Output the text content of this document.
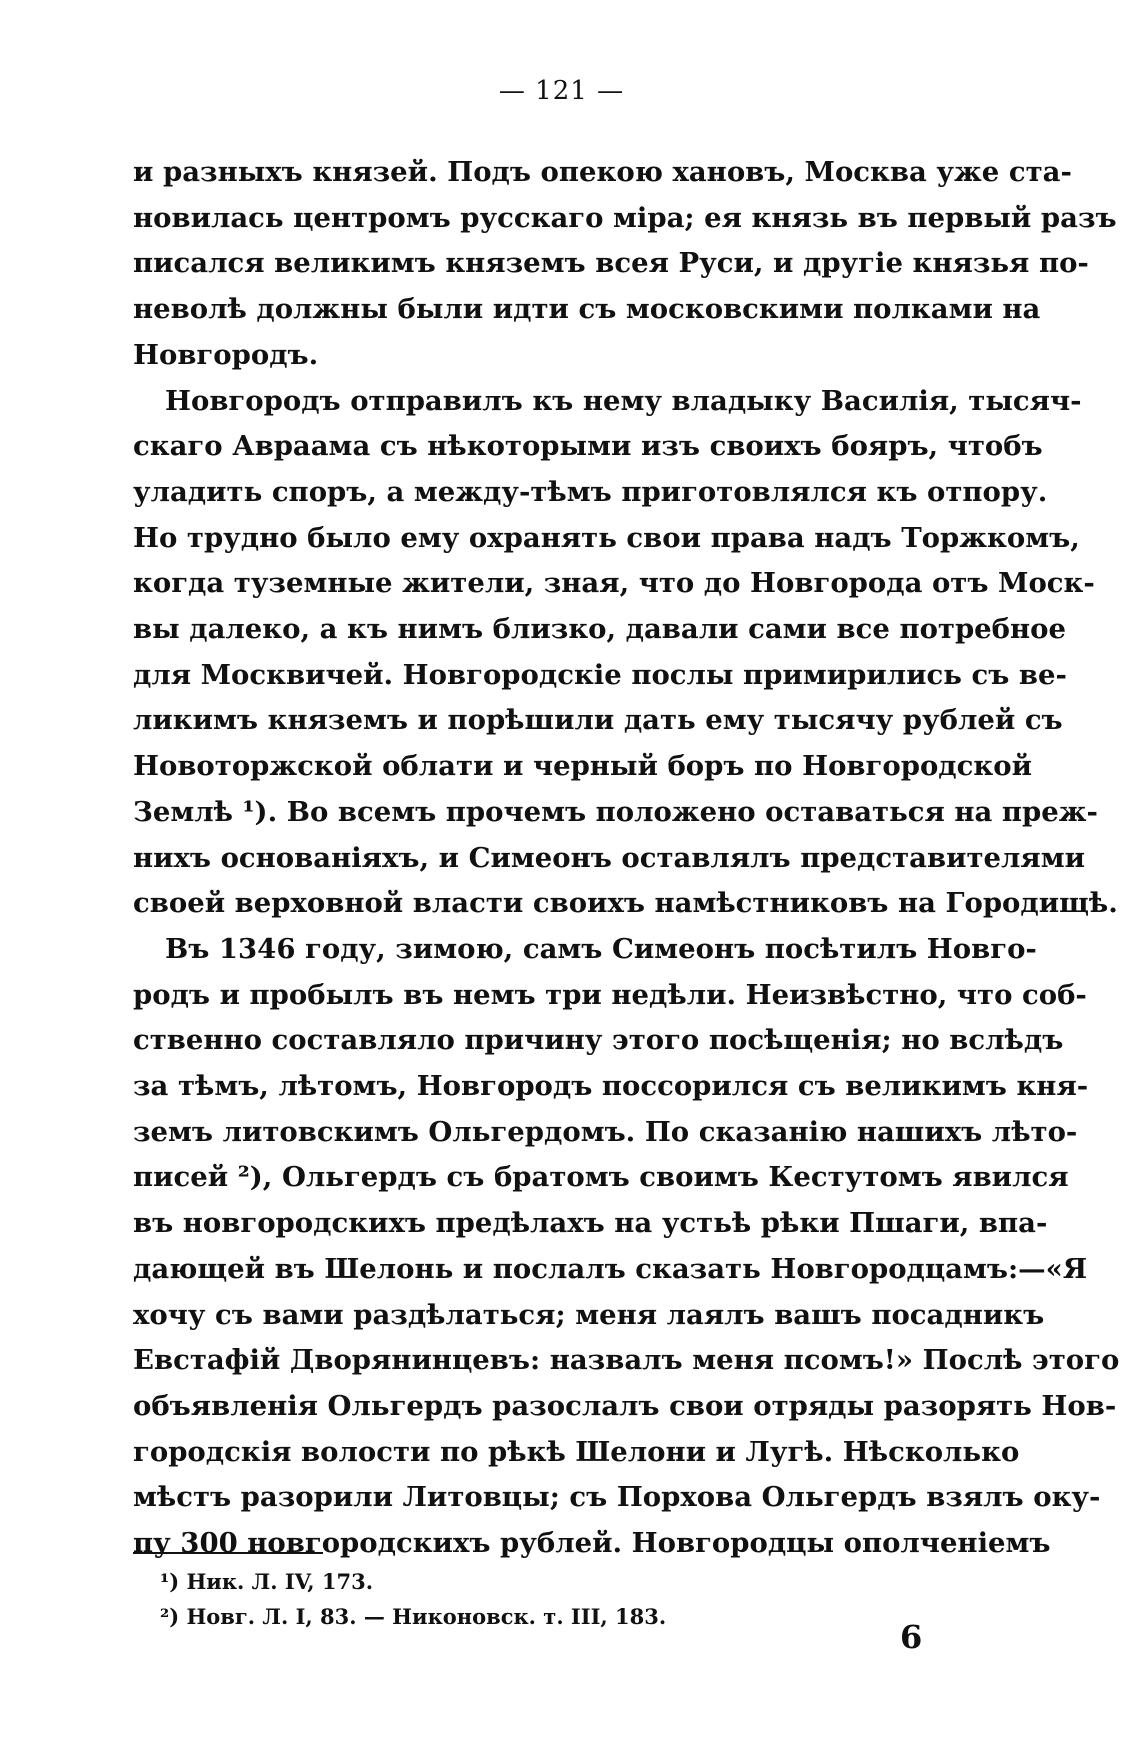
— 121 —
и разныхъ князей. Подъ опекою хановъ, Москва уже ста-
новилась центромъ русскаго міра; ея князь въ первый разъ
писался великимъ княземъ всея Руси, и другіе князья по-
неволѣ должны были идти съ московскими полками на
Новгородъ.
Новгородъ отправилъ къ нему владыку Василія, тысяч-
скаго Авраама съ нѣкоторыми изъ своихъ бояръ, чтобъ
уладить споръ, а между-тѣмъ приготовлялся къ отпору.
Но трудно было ему охранять свои права надъ Торжкомъ,
когда туземные жители, зная, что до Новгорода отъ Моск-
вы далеко, а къ нимъ близко, давали сами все потребное
для Москвичей. Новгородскіе послы примирились съ ве-
ликимъ княземъ и порѣшили дать ему тысячу рублей съ
Новоторжской облати и черный боръ по Новгородской
Землѣ ¹). Во всемъ прочемъ положено оставаться на преж-
нихъ основаніяхъ, и Симеонъ оставлялъ представителями
своей верховной власти своихъ намѣстниковъ на Городищѣ.
Въ 1346 году, зимою, самъ Симеонъ посѣтилъ Новго-
родъ и пробылъ въ немъ три недѣли. Неизвѣстно, что соб-
ственно составляло причину этого посѣщенія; но вслѣдъ
за тѣмъ, лѣтомъ, Новгородъ поссорился съ великимъ кня-
земъ литовскимъ Ольгердомъ. По сказанію нашихъ лѣто-
писей ²), Ольгердъ съ братомъ своимъ Кестутомъ явился
въ новгородскихъ предѣлахъ на устьѣ рѣки Пшаги, впа-
дающей въ Шелонь и послалъ сказать Новгородцамъ:—«Я
хочу съ вами раздѣлаться; меня лаялъ вашъ посадникъ
Евстафій Дворянинцевъ: назвалъ меня псомъ!» Послѣ этого
объявленія Ольгердъ разослалъ свои отряды разорять Нов-
городскія волости по рѣкѣ Шелони и Лугѣ. Нѣсколько
мѣстъ разорили Литовцы; съ Порхова Ольгердъ взялъ оку-
пу 300 новгородскихъ рублей. Новгородцы ополченіемъ
¹) Ник. Л. IV, 173.
²) Новг. Л. I, 83. — Никоновск. т. III, 183.
6
